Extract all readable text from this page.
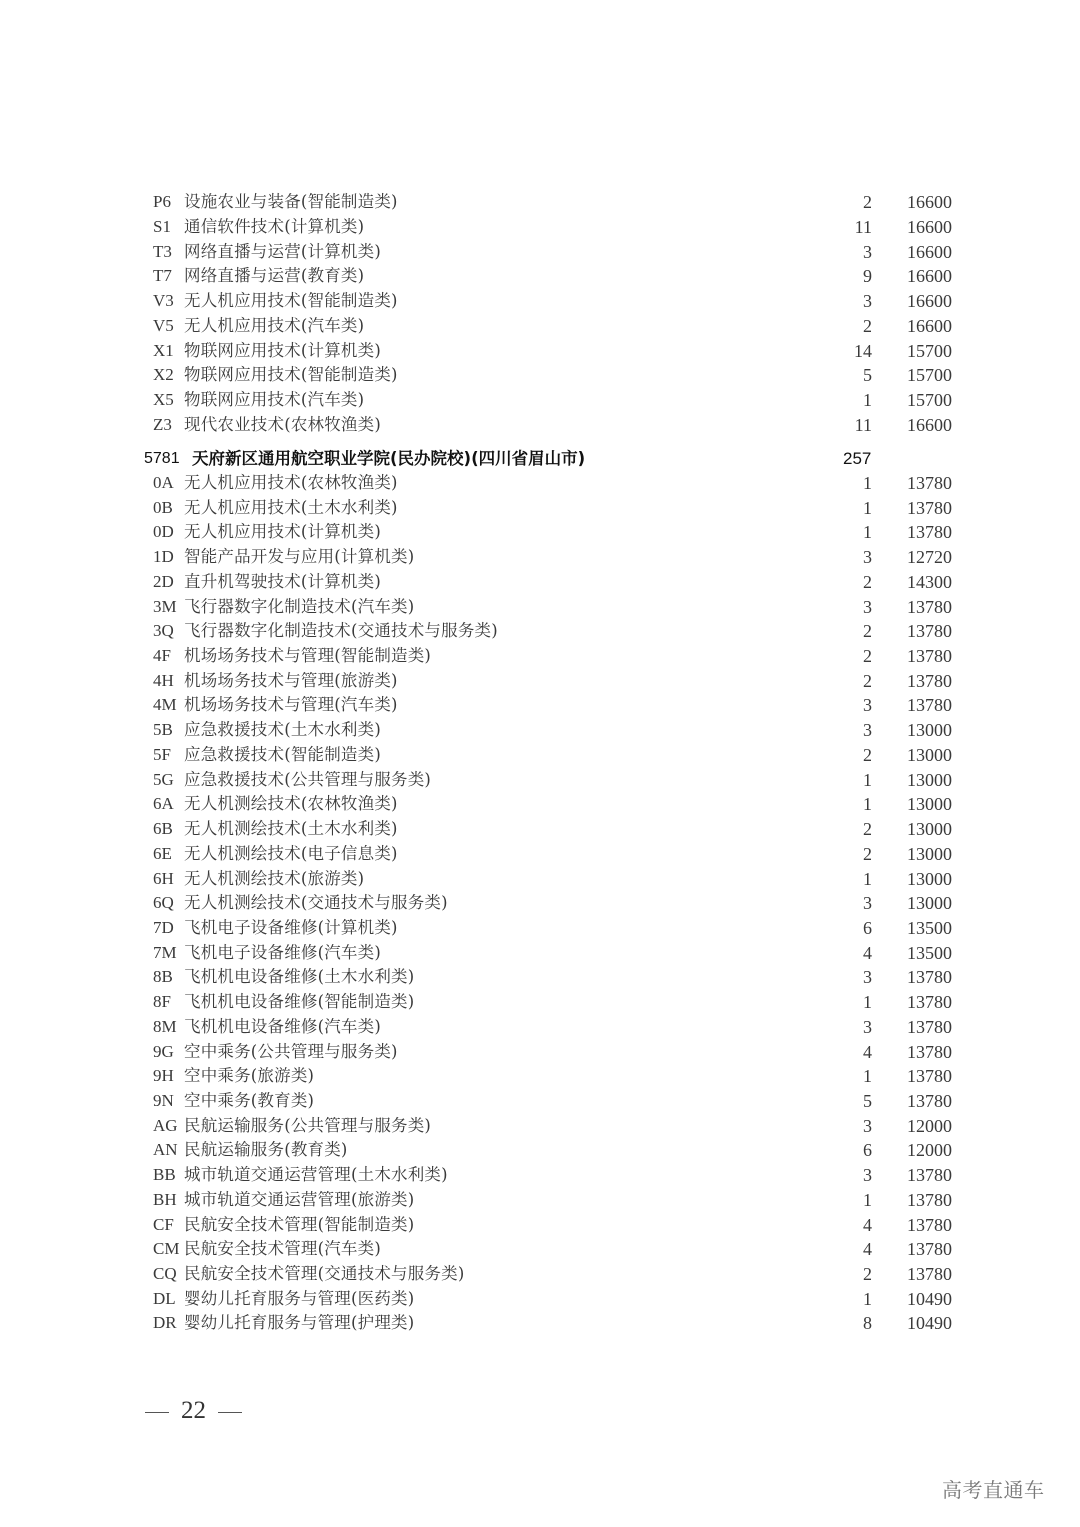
P6 设施农业与装备(智能制造类)	2 16600
S1 通信软件技术(计算机类)	11 16600
T3 网络直播与运营(计算机类)	3 16600
T7 网络直播与运营(教育类)	9 16600
V3 无人机应用技术(智能制造类)	3 16600
V5 无人机应用技术(汽车类)	2 16600
X1 物联网应用技术(计算机类)	14 15700
X2 物联网应用技术(智能制造类)	5 15700
X5 物联网应用技术(汽车类)	1 15700
Z3 现代农业技术(农林牧渔类)	11 16600
5781 天府新区通用航空职业学院(民办院校)(四川省眉山市)	257
0A 无人机应用技术(农林牧渔类)	1 13780
0B 无人机应用技术(土木水利类)	1 13780
0D 无人机应用技术(计算机类)	1 13780
1D 智能产品开发与应用(计算机类)	3 12720
2D 直升机驾驶技术(计算机类)	2 14300
3M 飞行器数字化制造技术(汽车类)	3 13780
3Q 飞行器数字化制造技术(交通技术与服务类)	2 13780
4F 机场场务技术与管理(智能制造类)	2 13780
4H 机场场务技术与管理(旅游类)	2 13780
4M 机场场务技术与管理(汽车类)	3 13780
5B 应急救援技术(土木水利类)	3 13000
5F 应急救援技术(智能制造类)	2 13000
5G 应急救援技术(公共管理与服务类)	1 13000
6A 无人机测绘技术(农林牧渔类)	1 13000
6B 无人机测绘技术(土木水利类)	2 13000
6E 无人机测绘技术(电子信息类)	2 13000
6H 无人机测绘技术(旅游类)	1 13000
6Q 无人机测绘技术(交通技术与服务类)	3 13000
7D 飞机电子设备维修(计算机类)	6 13500
7M 飞机电子设备维修(汽车类)	4 13500
8B 飞机机电设备维修(土木水利类)	3 13780
8F 飞机机电设备维修(智能制造类)	1 13780
8M 飞机机电设备维修(汽车类)	3 13780
9G 空中乘务(公共管理与服务类)	4 13780
9H 空中乘务(旅游类)	1 13780
9N 空中乘务(教育类)	5 13780
AG 民航运输服务(公共管理与服务类)	3 12000
AN 民航运输服务(教育类)	6 12000
BB 城市轨道交通运营管理(土木水利类)	3 13780
BH 城市轨道交通运营管理(旅游类)	1 13780
CF 民航安全技术管理(智能制造类)	4 13780
CM 民航安全技术管理(汽车类)	4 13780
CQ 民航安全技术管理(交通技术与服务类)	2 13780
DL 婴幼儿托育服务与管理(医药类)	1 10490
DR 婴幼儿托育服务与管理(护理类)	8 10490
22
高考直通车
